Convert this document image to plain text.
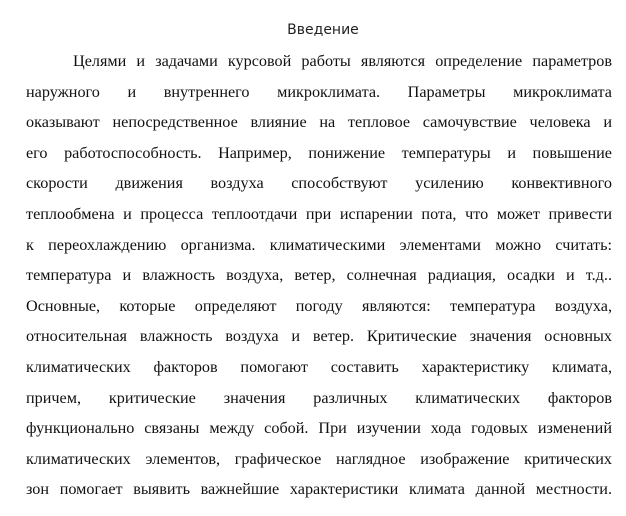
Введение
Целями и задачами курсовой работы являются определение параметров
наружного и внутреннего микроклимата. Параметры микроклимата
оказывают непосредственное влияние на тепловое самочувствие человека и
его работоспособность. Например, понижение температуры и повышение
скорости движения воздуха способствуют усилению конвективного
теплообмена и процесса теплоотдачи при испарении пота, что может привести
к переохлаждению организма. климатическими элементами можно считать:
температура и влажность воздуха, ветер, солнечная радиация, осадки и т.д..
Основные, которые определяют погоду являются: температура воздуха,
относительная влажность воздуха и ветер. Критические значения основных
климатических факторов помогают составить характеристику климата,
причем, критические значения различных климатических факторов
функционально связаны между собой. При изучении хода годовых изменений
климатических элементов, графическое наглядное изображение критических
зон помогает выявить важнейшие характеристики климата данной местности.
